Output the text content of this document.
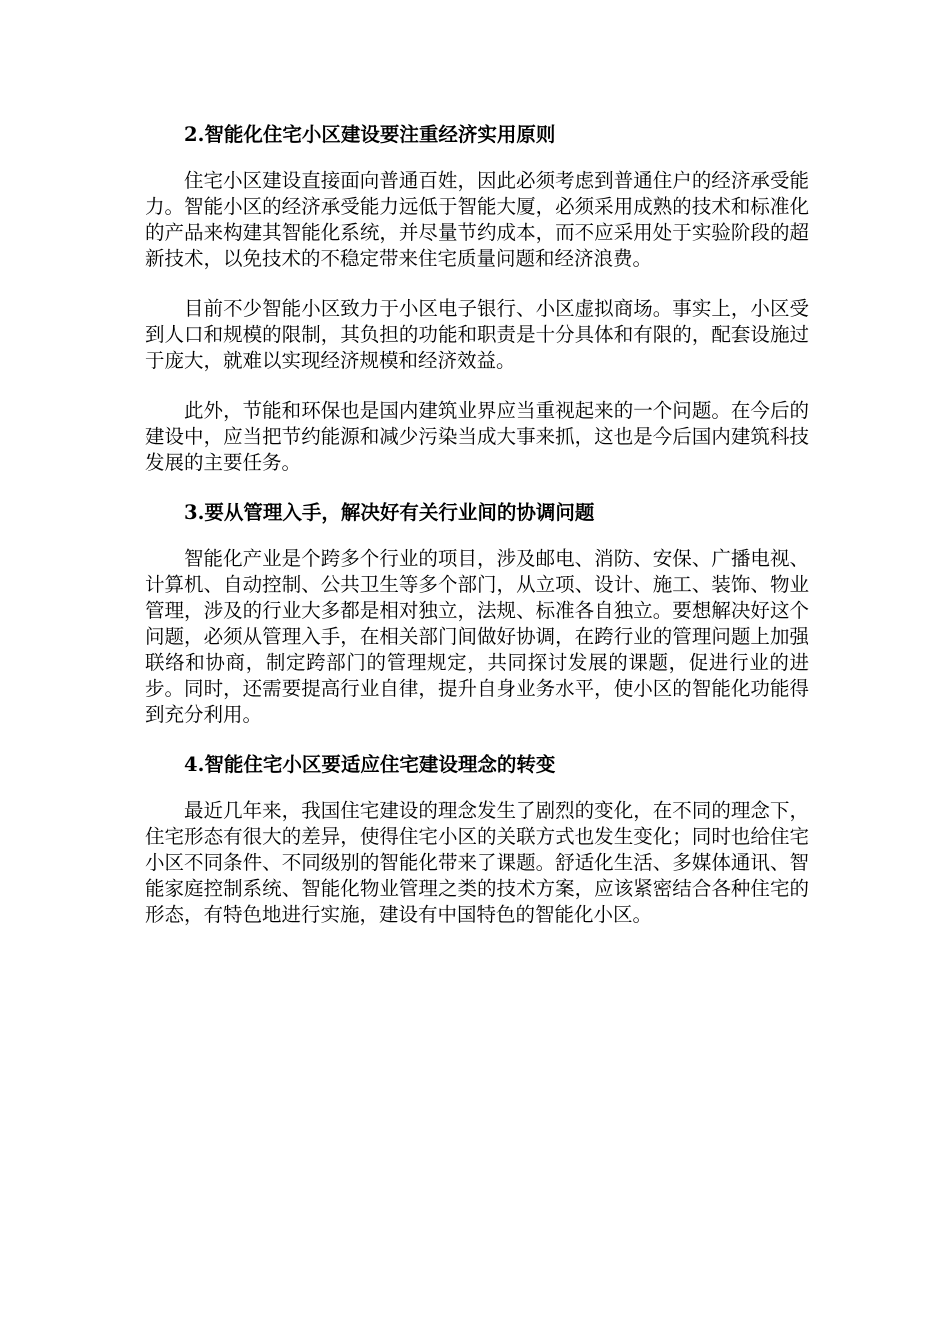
2.智能化住宅小区建设要注重经济实用原则

住宅小区建设直接面向普通百姓，因此必须考虑到普通住户的经济承受能力。智能小区的经济承受能力远低于智能大厦，必须采用成熟的技术和标准化的产品来构建其智能化系统，并尽量节约成本，而不应采用处于实验阶段的超新技术，以免技术的不稳定带来住宅质量问题和经济浪费。

目前不少智能小区致力于小区电子银行、小区虚拟商场。事实上，小区受到人口和规模的限制，其负担的功能和职责是十分具体和有限的，配套设施过于庞大，就难以实现经济规模和经济效益。

此外，节能和环保也是国内建筑业界应当重视起来的一个问题。在今后的建设中，应当把节约能源和减少污染当成大事来抓，这也是今后国内建筑科技发展的主要任务。

3.要从管理入手，解决好有关行业间的协调问题

智能化产业是个跨多个行业的项目，涉及邮电、消防、安保、广播电视、计算机、自动控制、公共卫生等多个部门，从立项、设计、施工、装饰、物业管理，涉及的行业大多都是相对独立，法规、标准各自独立。要想解决好这个问题，必须从管理入手，在相关部门间做好协调，在跨行业的管理问题上加强联络和协商，制定跨部门的管理规定，共同探讨发展的课题，促进行业的进步。同时，还需要提高行业自律，提升自身业务水平，使小区的智能化功能得到充分利用。

4.智能住宅小区要适应住宅建设理念的转变

最近几年来，我国住宅建设的理念发生了剧烈的变化，在不同的理念下，住宅形态有很大的差异，使得住宅小区的关联方式也发生变化；同时也给住宅小区不同条件、不同级别的智能化带来了课题。舒适化生活、多媒体通讯、智能家庭控制系统、智能化物业管理之类的技术方案，应该紧密结合各种住宅的形态，有特色地进行实施，建设有中国特色的智能化小区。
